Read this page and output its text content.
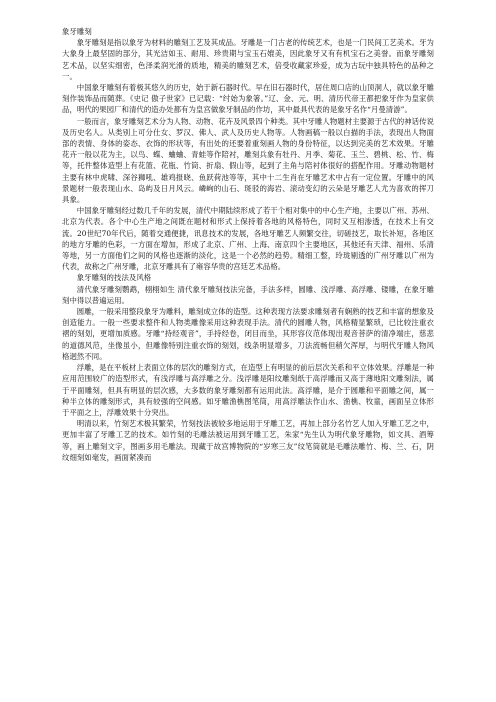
象牙雕刻

象牙雕刻是指以象牙为材料的雕刻工艺及其成品。牙雕是一门古老的传统艺术，也是一门民间工艺美术。牙为大象身上最坚固的部分，其光洁如玉、耐用、珍贵期与宝玉石媲美，因此象牙又有有机宝石之美誉。而象牙雕刻艺术品，以坚实细密，色泽柔润光滑的质地，精美的雕刻艺术，倍受收藏家珍爱，成为古玩中独具特色的品种之一。

中国象牙雕刻有着极其悠久的历史，始于新石器时代。早在旧石器时代，居住周口店的山顶洞人，就以象牙雕刻作装饰品而随葬。《史记 傲子世家》已记载：“纣始为象箸。”辽、金、元、明、清历代帝王都把象牙作为皇家供品，明代的果园厂和清代的造办处都有为皇宫做象牙制品的作坊，其中最具代表的是象牙名作“月曼清游”。

一般而言，象牙雕刻艺术分为人物、动物、花卉及风景四个种类。其中牙雕人物题材主要源于古代的神话传说及历史名人。从类别上可分仕女、罗汉、佛人、武人及历史人物等。人物画稿一般以白描的手法，表现出人物面部的表情、身体的姿态、衣饰的形状等，有出处的还要着重刻画人物的身份特征，以达到完美的艺术效果。牙雕花卉一般以花为主，以鸟、蝶、蛐蛐、青蛙等作陪衬，雕刻兵象有牡丹、月季、菊花、玉兰、碧桃、松、竹、梅等，托件整体造型上有花篮、花瓶、竹筒、折扇、假山等，起到了主角与陪衬体很好的搭配作用。牙雕动物题材主要有林中虎啸、深谷狮吼、雄鸡报晓、鱼跃荷池等等，其中十二生肖在牙雕艺术中占有一定位置。牙雕中的风景题材一般表现山水、岛屿及日月风云。嶙峋的山石、斑驳的海岩、滚动变幻的云朵是牙雕艺人尤为喜欢的挥刀具象。

中国象牙雕刻经过数几千年的发展，清代中期陆续形成了若干个相对集中的中心生产地，主要以广州、苏州、北京为代表。各个中心生产地之间既在题材和形式上保持着各地的风格特色，同时又互相渗透，在技术上有交流。20世纪70年代后，随着交通便捷，讯息技术的发展，各地牙雕艺人频繁交往，切磋技艺，取长补短，各地区的地方牙雕的色彩，一方面在增加，形成了北京、广州、上海、南京四个主要地区，其他还有天津、福州、乐清等地，另一方面他们之间的风格也逐渐的淡化，这是一个必然的趋势。精细工整，玲珑剔透的广州牙雕以广州为代表，故称之广州牙雕，北京牙雕具有了雍容华贵的宫廷艺术品格。

象牙雕刻的技法及风格

清代象牙雕刻鹦鹉，栩栩如生 清代象牙雕刻技法完备，手法多样，圆雕、浅浮雕、高浮雕、镂雕，在象牙雕刻中得以普遍运用。

圆雕，一般采用整段象牙为雕料，雕刻成立体的造型。这种表现方法要求雕刻者有娴熟的技艺和丰富的想象及创造能力。一般一些要求整件和人物类雕像采用这种表现手法。清代的圆雕人物，风格精显繁琐，已比较注重衣褶的刻划，更增加质感。牙雕“持经观音”，手持经卷，闭目而坐，其形容仪范体现出观音菩萨的清净端庄，慈悲的道德风范，坐像虽小，但雕像特别注重衣饰的刻划，线条明显增多，刀法流畅但稍欠浑厚，与明代牙雕人物风格迥然不同。

浮雕，是在平板材上表面立体的层次的雕刻方式，在造型上有明显的前后层次关系和平立体效果。浮雕是一种应用范围较广的造型形式，有浅浮雕与高浮雕之分。浅浮雕是阳纹雕刻纸于高浮雕而又高于薄地阳文雕刻法，属于平面雕刻，但具有明显的层次感，大多数的象牙雕刻都有运用此法。高浮雕，是介于圆雕和平面雕之间，属一种半立体的雕刻形式，具有较强的空间感。如牙雕渔樵图笔筒，用高浮雕法作山水、渔樵、牧童，画面呈立体形于平面之上，浮雕效果十分突出。

明清以来，竹刻艺术极其繁荣，竹刻技法被较多地运用于牙雕工艺，再加上部分名竹艺人加入牙雕工艺之中，更加丰富了牙雕工艺的技术。如竹刻的毛雕法被运用到牙雕工艺，朱家“先生认为明代象牙雕物，如文具、酒筹等，画上雕刻文字，图画多用毛雕法。现藏于故宫博物院的“岁寒三友”纹笔筒就是毛雕法雕竹、梅、兰、石，阴纹细刻如毫发，画面紧凑而
